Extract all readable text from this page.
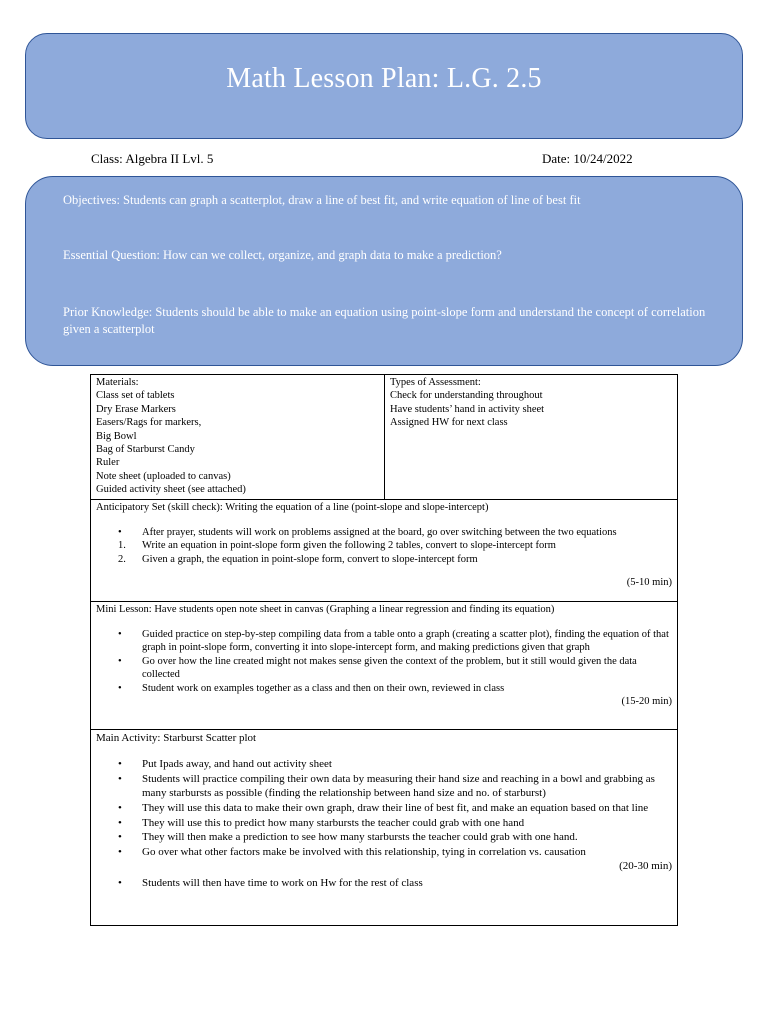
Math Lesson Plan: L.G. 2.5
Class: Algebra II Lvl. 5	Date: 10/24/2022

Objectives: Students can graph a scatterplot, draw a line of best fit, and write equation of line of best fit

Essential Question: How can we collect, organize, and graph data to make a prediction?

Prior Knowledge: Students should be able to make an equation using point-slope form and understand the concept of correlation given a scatterplot

Materials:
Class set of tablets
Dry Erase Markers
Easers/Rags for markers,
Big Bowl
Bag of Starburst Candy
Ruler
Note sheet (uploaded to canvas)
Guided activity sheet (see attached)

Types of Assessment:
Check for understanding throughout
Have students’ hand in activity sheet
Assigned HW for next class

Anticipatory Set (skill check): Writing the equation of a line (point-slope and slope-intercept)
• After prayer, students will work on problems assigned at the board, go over switching between the two equations
1. Write an equation in point-slope form given the following 2 tables, convert to slope-intercept form
2. Given a graph, the equation in point-slope form, convert to slope-intercept form
(5-10 min)

Mini Lesson: Have students open note sheet in canvas (Graphing a linear regression and finding its equation)
• Guided practice on step-by-step compiling data from a table onto a graph (creating a scatter plot), finding the equation of that graph in point-slope form, converting it into slope-intercept form, and making predictions given that graph
• Go over how the line created might not makes sense given the context of the problem, but it still would given the data collected
• Student work on examples together as a class and then on their own, reviewed in class
(15-20 min)

Main Activity: Starburst Scatter plot
• Put Ipads away, and hand out activity sheet
• Students will practice compiling their own data by measuring their hand size and reaching in a bowl and grabbing as many starbursts as possible (finding the relationship between hand size and no. of starburst)
• They will use this data to make their own graph, draw their line of best fit, and make an equation based on that line
• They will use this to predict how many starbursts the teacher could grab with one hand
• They will then make a prediction to see how many starbursts the teacher could grab with one hand.
• Go over what other factors make be involved with this relationship, tying in correlation vs. causation
(20-30 min)
• Students will then have time to work on Hw for the rest of class
